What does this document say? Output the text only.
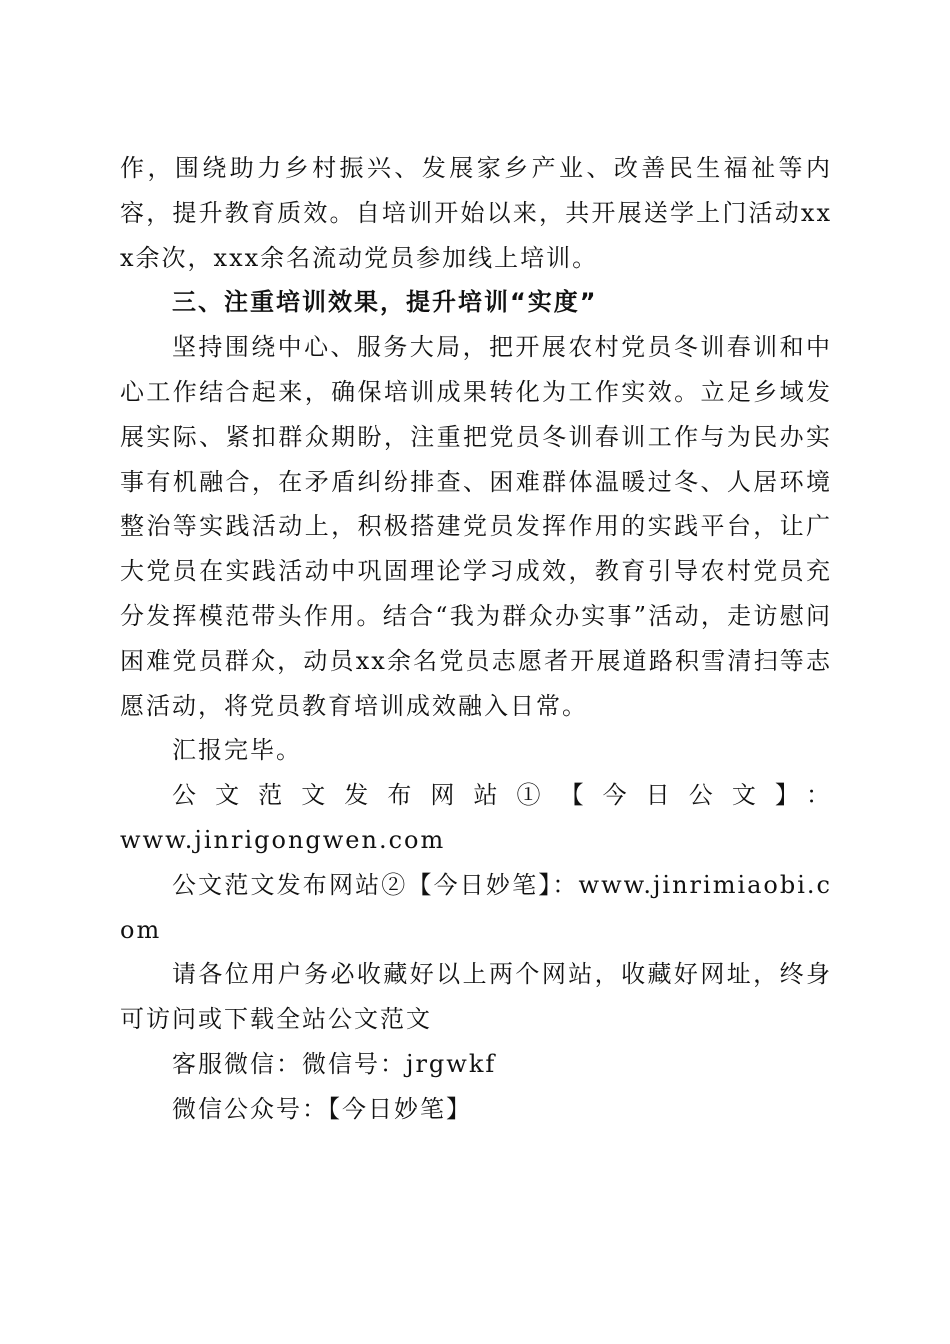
作，围绕助力乡村振兴、发展家乡产业、改善民生福祉等内容，提升教育质效。自培训开始以来，共开展送学上门活动xxx余次，xxx余名流动党员参加线上培训。

三、注重培训效果，提升培训“实度”

坚持围绕中心、服务大局，把开展农村党员冬训春训和中心工作结合起来，确保培训成果转化为工作实效。立足乡域发展实际、紧扣群众期盼，注重把党员冬训春训工作与为民办实事有机融合，在矛盾纠纷排查、困难群体温暖过冬、人居环境整治等实践活动上，积极搭建党员发挥作用的实践平台，让广大党员在实践活动中巩固理论学习成效，教育引导农村党员充分发挥模范带头作用。结合“我为群众办实事”活动，走访慰问困难党员群众，动员xx余名党员志愿者开展道路积雪清扫等志愿活动，将党员教育培训成效融入日常。

汇报完毕。

公文范文发布网站①【今日公文】：

www.jinrigongwen.com

公文范文发布网站②【今日妙笔】：www.jinrimiaobi.com

请各位用户务必收藏好以上两个网站，收藏好网址，终身可访问或下载全站公文范文

客服微信：微信号：jrgwkf

微信公众号：【今日妙笔】
